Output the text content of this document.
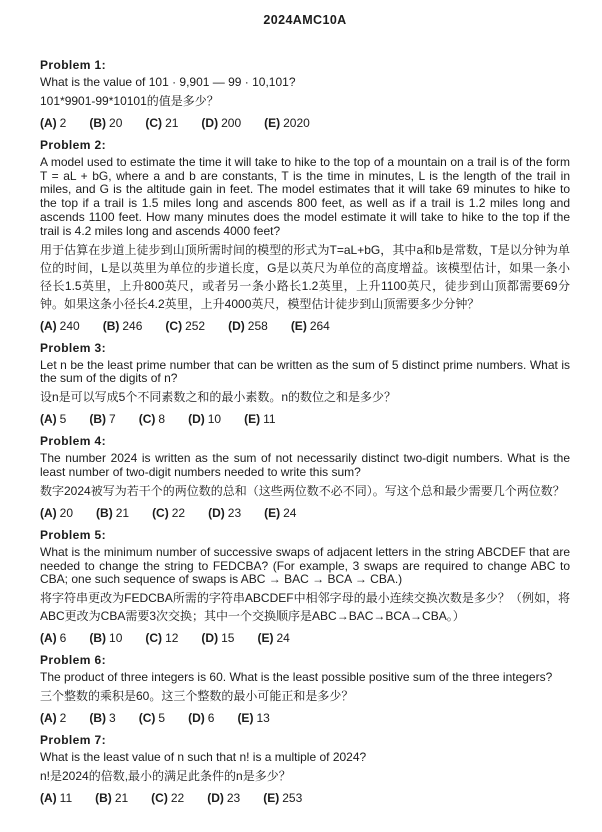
2024AMC10A
Problem 1:

What is the value of 101 · 9,901 — 99 · 10,101?

101*9901-99*10101的值是多少？

(A) 2 (B) 20 (C) 21 (D) 200 (E) 2020
Problem 2:

A model used to estimate the time it will take to hike to the top of a mountain on a trail is of the form T = aL + bG, where a and b are constants, T is the time in minutes, L is the length of the trail in miles, and G is the altitude gain in feet. The model estimates that it will take 69 minutes to hike to the top if a trail is 1.5 miles long and ascends 800 feet, as well as if a trail is 1.2 miles long and ascends 1100 feet. How many minutes does the model estimate it will take to hike to the top if the trail is 4.2 miles long and ascends 4000 feet?

用于估算在步道上徒步到山顶所需时间的模型的形式为T=aL+bG，其中a和b是常数，T是以分钟为单位的时间，L是以英里为单位的步道长度，G是以英尺为单位的高度增益。该模型估计，如果一条小径长1.5英里，上升800英尺，或者另一条小路长1.2英里，上升1100英尺，徒步到山顶都需要69分钟。如果这条小径长4.2英里，上升4000英尺，模型估计徒步到山顶需要多少分钟？

(A) 240 (B) 246 (C) 252 (D) 258 (E) 264
Problem 3:

Let n be the least prime number that can be written as the sum of 5 distinct prime numbers. What is the sum of the digits of n?

设n是可以写成5个不同素数之和的最小素数。n的数位之和是多少？

(A) 5 (B) 7 (C) 8 (D) 10 (E) 11
Problem 4:

The number 2024 is written as the sum of not necessarily distinct two-digit numbers. What is the least number of two-digit numbers needed to write this sum?

数字2024被写为若干个的两位数的总和（这些两位数不必不同）。写这个总和最少需要几个两位数？

(A) 20 (B) 21 (C) 22 (D) 23 (E) 24
Problem 5:

What is the minimum number of successive swaps of adjacent letters in the string ABCDEF that are needed to change the string to FEDCBA? (For example, 3 swaps are required to change ABC to CBA; one such sequence of swaps is ABC → BAC → BCA → CBA.)

将字符串更改为FEDCBA所需的字符串ABCDEF中相邻字母的最小连续交换次数是多少？（例如，将ABC更改为CBA需要3次交换；其中一个交换顺序是ABC→BAC→BCA→CBA。）

(A) 6 (B) 10 (C) 12 (D) 15 (E) 24
Problem 6:

The product of three integers is 60. What is the least possible positive sum of the three integers?

三个整数的乘积是60。这三个整数的最小可能正和是多少？

(A) 2 (B) 3 (C) 5 (D) 6 (E) 13
Problem 7:

What is the least value of n such that n! is a multiple of 2024?

n!是2024的倍数,最小的满足此条件的n是多少？

(A) 11 (B) 21 (C) 22 (D) 23 (E) 253
